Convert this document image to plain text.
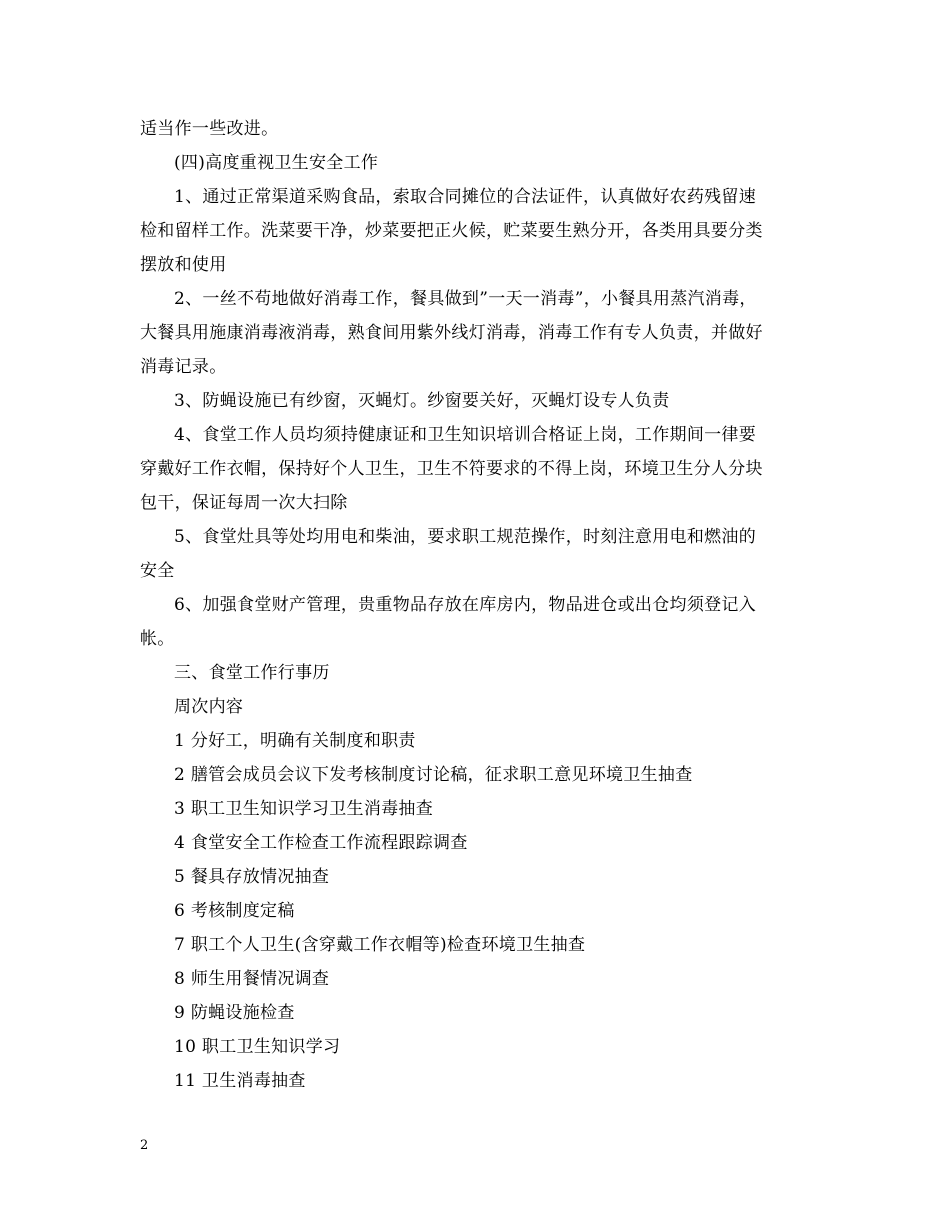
适当作一些改进。
(四)高度重视卫生安全工作
1、通过正常渠道采购食品，索取合同摊位的合法证件，认真做好农药残留速
检和留样工作。洗菜要干净，炒菜要把正火候，贮菜要生熟分开，各类用具要分类
摆放和使用
2、一丝不苟地做好消毒工作，餐具做到”一天一消毒”，小餐具用蒸汽消毒，
大餐具用施康消毒液消毒，熟食间用紫外线灯消毒，消毒工作有专人负责，并做好
消毒记录。
3、防蝇设施已有纱窗，灭蝇灯。纱窗要关好，灭蝇灯设专人负责
4、食堂工作人员均须持健康证和卫生知识培训合格证上岗，工作期间一律要
穿戴好工作衣帽，保持好个人卫生，卫生不符要求的不得上岗，环境卫生分人分块
包干，保证每周一次大扫除
5、食堂灶具等处均用电和柴油，要求职工规范操作，时刻注意用电和燃油的
安全
6、加强食堂财产管理，贵重物品存放在库房内，物品进仓或出仓均须登记入
帐。
三、食堂工作行事历
周次内容
1 分好工，明确有关制度和职责
2 膳管会成员会议下发考核制度讨论稿，征求职工意见环境卫生抽查
3 职工卫生知识学习卫生消毒抽查
4 食堂安全工作检查工作流程跟踪调查
5 餐具存放情况抽查
6 考核制度定稿
7 职工个人卫生(含穿戴工作衣帽等)检查环境卫生抽查
8 师生用餐情况调查
9 防蝇设施检查
10 职工卫生知识学习
11 卫生消毒抽查
2
